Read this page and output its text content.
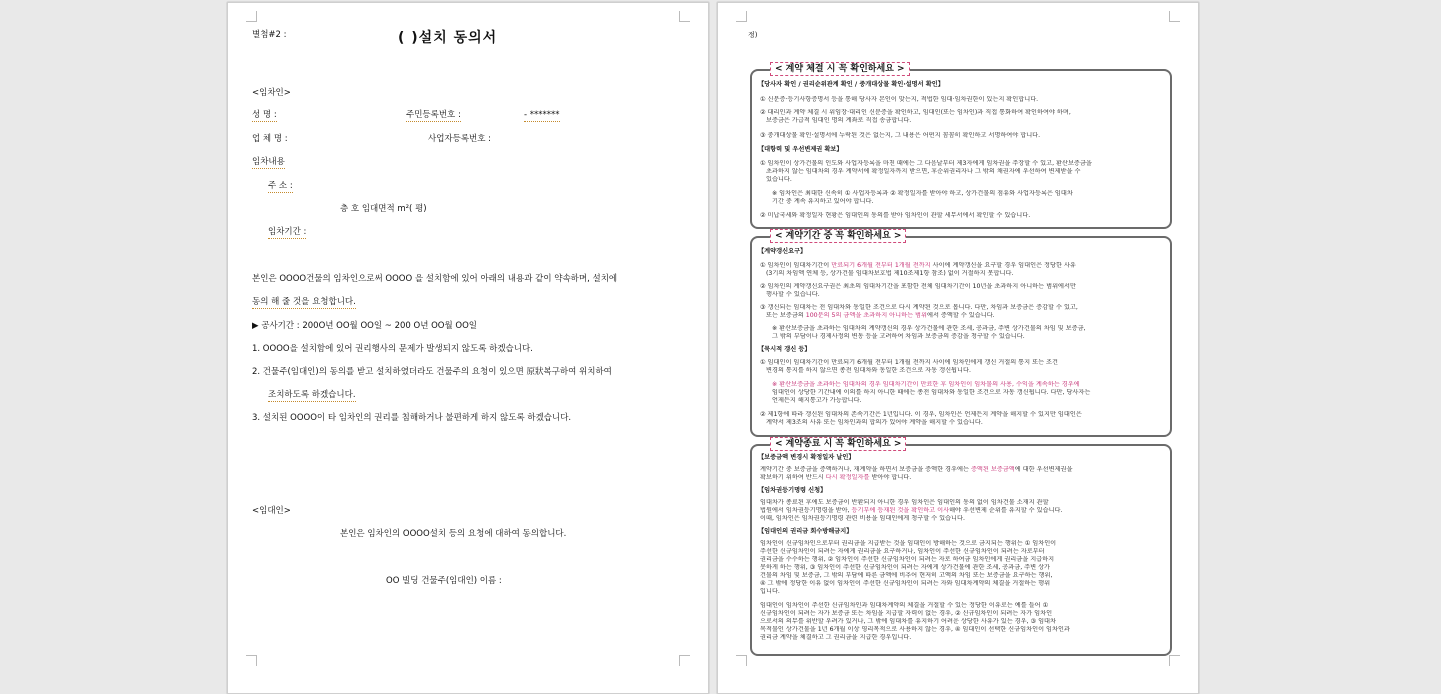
별첨#2 :	( )설치 동의서
<임차인>
성 명 :	주민등록번호 :	- *******
업 체 명 :	사업자등록번호 :
임차내용
주 소 :
층 호 임대면적 m²( 평)
임차기간 :
본인은 OOOO건물의 임차인으로써 OOOO 을 설치함에 있어 아래의 내용과 같이 약속하며, 설치에
동의 해 줄 것을 요청합니다.
▶ 공사기간 : 200O년 OO월 OO일 ~ 200 O년 OO월 OO일
1. OOOO을 설치함에 있어 권리행사의 문제가 발생되지 않도록 하겠습니다.
2. 건물주(임대인)의 동의를 받고 설치하였더라도 건물주의 요청이 있으면 原狀복구하여 위치하여
조치하도록 하겠습니다.
3. 설치된 OOOO이 타 임차인의 권리를 침해하거나 불편하게 하지 않도록 하겠습니다.
<임대인>
본인은 임차인의 OOOO설치 등의 요청에 대하여 동의합니다.
OO 빌딩 건물주(임대인) 이름 :
정)
< 계약 체결 시 꼭 확인하세요 >
【당사자 확인 / 권리순위관계 확인 / 중개대상물 확인·설명서 확인】
① 신분증·등기사항증명서 등을 통해 당사자 본인이 맞는지, 적법한 임대·임차권한이 있는지 확인합니다.
② 대리인과 계약 체결 시 위임장·대리인 신분증을 확인하고, 임대인(또는 임차인)과 직접 통화하여 확인하여야 하며,
보증금은 가급적 임대인 명의 계좌로 직접 송금합니다.
③ 중개대상물 확인·설명서에 누락된 것은 없는지, 그 내용은 어떤지 꼼꼼히 확인하고 서명하여야 합니다.
【대항력 및 우선변제권 확보】
① 임차인이 상가건물의 인도와 사업자등록을 마친 때에는 그 다음날부터 제3자에게 임차권을 주장할 수 있고, 환산보증금을
초과하지 않는 임대차의 경우 계약서에 확정일자까지 받으면, 후순위권리자나 그 밖의 채권자에 우선하여 변제받을 수
있습니다.
※ 임차인은 최대한 신속히 ① 사업자등록과 ② 확정일자를 받아야 하고, 상가건물의 점유와 사업자등록은 임대차
기간 중 계속 유지하고 있어야 합니다.
② 미납국세와 확정일자 현황은 임대인의 동의를 받아 임차인이 관할 세무서에서 확인할 수 있습니다.
< 계약기간 중 꼭 확인하세요 >
【계약갱신요구】
① 임차인이 임대차기간이 만료되기 6개월 전부터 1개월 전까지 사이에 계약갱신을 요구할 경우 임대인은 정당한 사유
(3기의 차임액 연체 등, 상가건물 임대차보호법 제10조제1항 참조) 없이 거절하지 못합니다.
② 임차인의 계약갱신요구권은 최초의 임대차기간을 포함한 전체 임대차기간이 10년을 초과하지 아니하는 범위에서만
행사할 수 있습니다.
③ 갱신되는 임대차는 전 임대차와 동일한 조건으로 다시 계약된 것으로 봅니다. 다만, 차임과 보증금은 증감할 수 있고,
또는 보증금의 100분의 5의 금액을 초과하지 아니하는 범위에서 증액할 수 있습니다.
※ 환산보증금을 초과하는 임대차의 계약갱신의 경우 상가건물에 관한 조세, 공과금, 주변 상가건물의 차임 및 보증금,
그 밖의 부담이나 경제사정의 변동 등을 고려하여 차임과 보증금의 증감을 청구할 수 있습니다.
【묵시적 갱신 등】
① 임대인이 임대차기간이 만료되기 6개월 전부터 1개월 전까지 사이에 임차인에게 갱신 거절의 통지 또는 조건
변경의 통지를 하지 않으면 종전 임대차와 동일한 조건으로 자동 갱신됩니다.
※ 환산보증금을 초과하는 임대차의 경우 임대차기간이 만료한 후 임차인이 임차물의 사용, 수익을 계속하는 경우에
임대인이 상당한 기간내에 이의를 하지 아니한 때에는 종전 임대차와 동일한 조건으로 자동 갱신됩니다. 다만, 당사자는
언제든지 해지통고가 가능합니다.
② 제1항에 따라 갱신된 임대차의 존속기간은 1년입니다. 이 경우, 임차인은 언제든지 계약을 해지할 수 있지만 임대인은
계약서 제3조의 사유 또는 임차인과의 합의가 있어야 계약을 해지할 수 있습니다.
< 계약종료 시 꼭 확인하세요 >
【보증금액 변경시 확정일자 날인】
계약기간 중 보증금을 증액하거나, 재계약을 하면서 보증금을 증액한 경우에는 증액된 보증금액에 대한 우선변제권을
확보하기 위하여 반드시 다시 확정일자를 받아야 합니다.
【임차권등기명령 신청】
임대차가 종료된 후에도 보증금이 반환되지 아니한 경우 임차인은 임대인의 동의 없이 임차건물 소재지 관할
법원에서 임차권등기명령을 받아, 등기부에 등재된 것을 확인하고 이사해야 우선변제 순위를 유지할 수 있습니다.
이때, 임차인은 임차권등기명령 관련 비용을 임대인에게 청구할 수 있습니다.
【임대인의 권리금 회수방해금지】
임차인이 신규임차인으로부터 권리금을 지급받는 것을 임대인이 방해하는 것으로 금지되는 행위는 ① 임차인이
주선한 신규임차인이 되려는 자에게 권리금을 요구하거나, 임차인이 주선한 신규임차인이 되려는 자로부터
권리금을 수수하는 행위, ② 임차인이 주선한 신규임차인이 되려는 자로 하여금 임차인에게 권리금을 지급하지
못하게 하는 행위, ③ 임차인이 주선한 신규임차인이 되려는 자에게 상가건물에 관한 조세, 공과금, 주변 상가
건물의 차임 및 보증금, 그 밖의 부담에 따른 금액에 비추어 현저히 고액의 차임 또는 보증금을 요구하는 행위,
④ 그 밖에 정당한 이유 없이 임차인이 주선한 신규임차인이 되려는 자와 임대차계약의 체결을 거절하는 행위
입니다.
임대인이 임차인이 주선한 신규임차인과 임대차계약의 체결을 거절할 수 있는 정당한 이유로는 예를 들어 ①
신규임차인이 되려는 자가 보증금 또는 차임을 지급할 자력이 없는 경우, ② 신규임차인이 되려는 자가 임차인
으로서의 의무를 위반할 우려가 있거나, 그 밖에 임대차를 유지하기 어려운 상당한 사유가 있는 경우, ③ 임대차
목적물인 상가건물을 1년 6개월 이상 영리목적으로 사용하지 않는 경우, ④ 임대인이 선택한 신규임차인이 임차인과
권리금 계약을 체결하고 그 권리금을 지급한 경우입니다.
